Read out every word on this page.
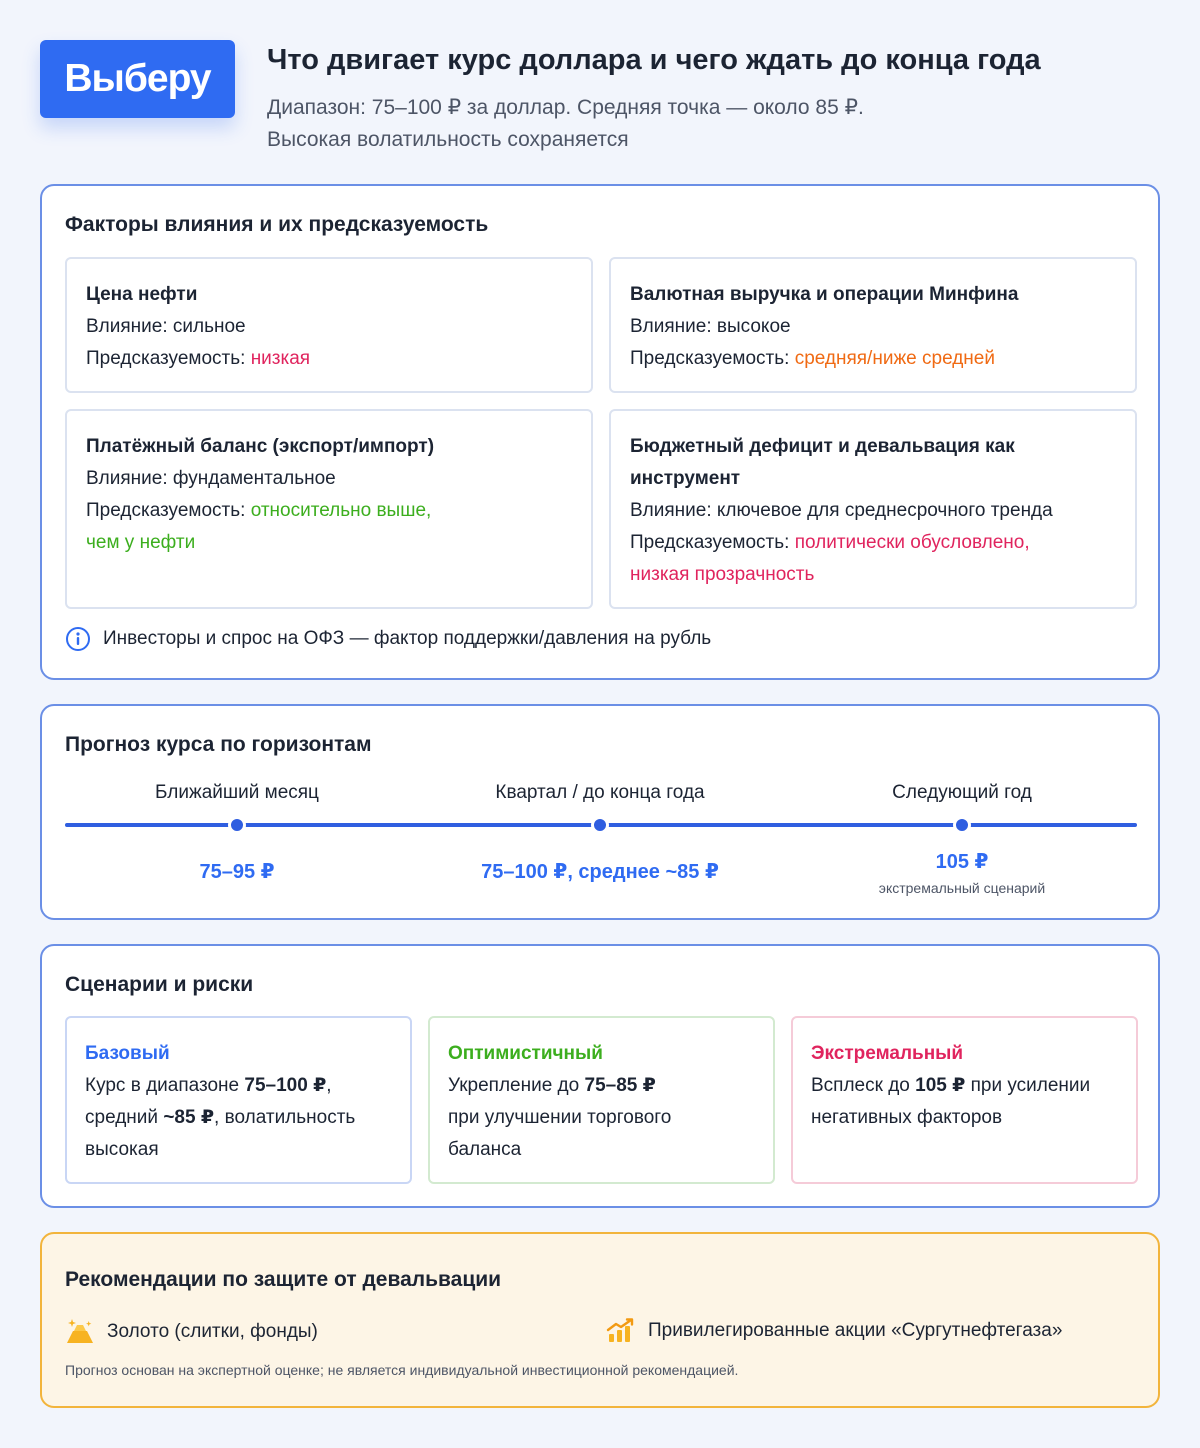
Выберу	Что двигает курс доллара и чего ждать до конца года
Диапазон: 75–100 ₽ за доллар. Средняя точка — около 85 ₽.
Высокая волатильность сохраняется
Факторы влияния и их предсказуемость
Цена нефти
Влияние: сильное
Предсказуемость: низкая
Валютная выручка и операции Минфина
Влияние: высокое
Предсказуемость: средняя/ниже средней
Платёжный баланс (экспорт/импорт)
Влияние: фундаментальное
Предсказуемость: относительно выше,
чем у нефти
Бюджетный дефицит и девальвация как
инструмент
Влияние: ключевое для среднесрочного тренда
Предсказуемость: политически обусловлено,
низкая прозрачность
Инвесторы и спрос на ОФЗ — фактор поддержки/давления на рубль
Прогноз курса по горизонтам
Ближайший месяц	Квартал / до конца года	Следующий год
75–95 ₽	75–100 ₽, среднее ~85 ₽	105 ₽
экстремальный сценарий
Сценарии и риски
Базовый
Курс в диапазоне 75–100 ₽,
средний ~85 ₽, волатильность
высокая
Оптимистичный
Укрепление до 75–85 ₽
при улучшении торгового
баланса
Экстремальный
Всплеск до 105 ₽ при усилении
негативных факторов
Рекомендации по защите от девальвации
Золото (слитки, фонды)	Привилегированные акции «Сургутнефтегаза»
Прогноз основан на экспертной оценке; не является индивидуальной инвестиционной рекомендацией.
